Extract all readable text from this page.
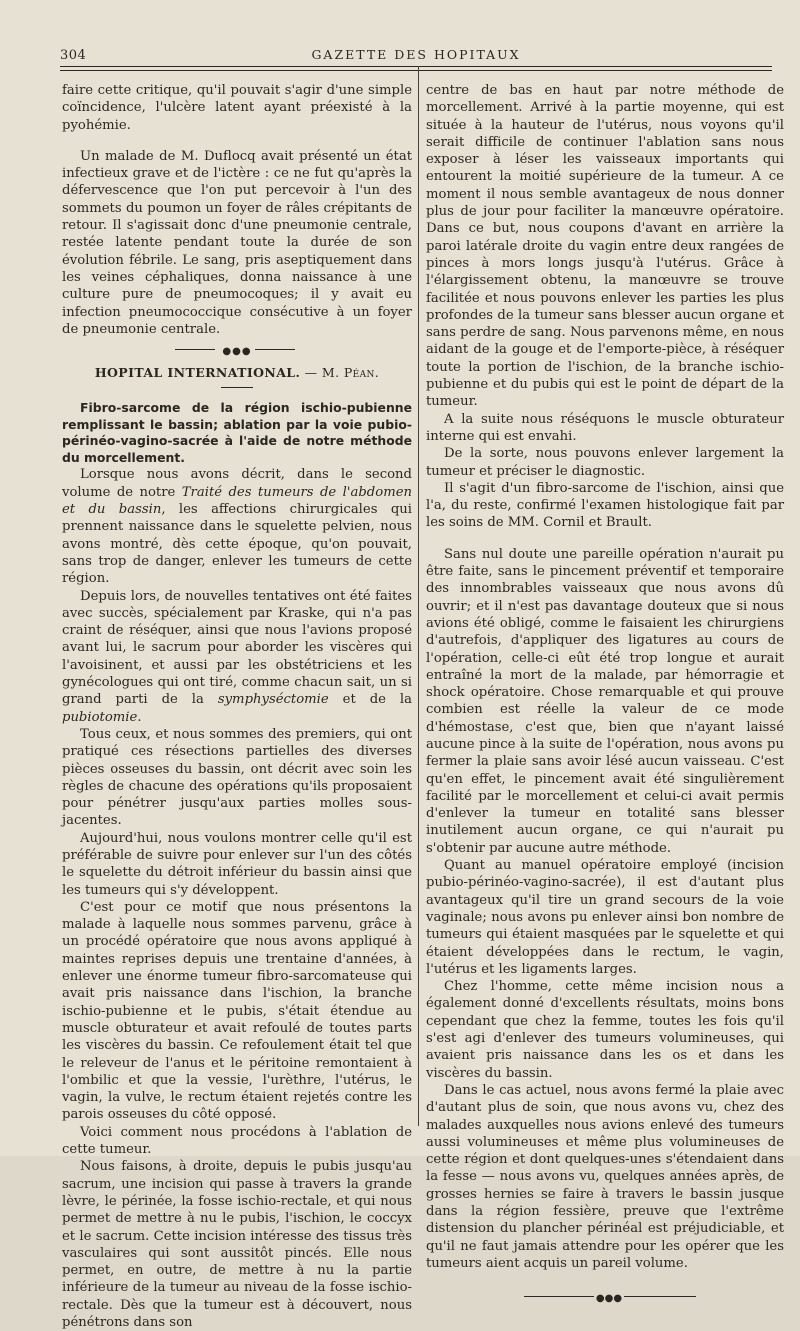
304	GAZETTE DES HOPITAUX

faire cette critique, qu'il pouvait s'agir d'une simple coïncidence, l'ulcère latent ayant préexisté à la pyohémie.

Un malade de M. Duflocq avait présenté un état infectieux grave et de l'ictère : ce ne fut qu'après la défervescence que l'on put percevoir à l'un des sommets du poumon un foyer de râles crépitants de retour. Il s'agissait donc d'une pneumonie centrale, restée latente pendant toute la durée de son évolution fébrile. Le sang, pris aseptiquement dans les veines céphaliques, donna naissance à une culture pure de pneumocoques; il y avait eu infection pneumococcique consécutive à un foyer de pneumonie centrale.

●●●
HOPITAL INTERNATIONAL. — M. Péan.

Fibro-sarcome de la région ischio-pubienne remplissant le bassin; ablation par la voie pubio-périnéo-vagino-sacrée à l'aide de notre méthode du morcellement.

Lorsque nous avons décrit, dans le second volume de notre Traité des tumeurs de l'abdomen et du bassin, les affections chirurgicales qui prennent naissance dans le squelette pelvien, nous avons montré, dès cette époque, qu'on pouvait, sans trop de danger, enlever les tumeurs de cette région.

Depuis lors, de nouvelles tentatives ont été faites avec succès, spécialement par Kraske, qui n'a pas craint de réséquer, ainsi que nous l'avions proposé avant lui, le sacrum pour aborder les viscères qui l'avoisinent, et aussi par les obstétriciens et les gynécologues qui ont tiré, comme chacun sait, un si grand parti de la symphyséctomie et de la pubiotomie.

Tous ceux, et nous sommes des premiers, qui ont pratiqué ces résections partielles des diverses pièces osseuses du bassin, ont décrit avec soin les règles de chacune des opérations qu'ils proposaient pour pénétrer jusqu'aux parties molles sous-jacentes.

Aujourd'hui, nous voulons montrer celle qu'il est préférable de suivre pour enlever sur l'un des côtés le squelette du détroit inférieur du bassin ainsi que les tumeurs qui s'y développent.

C'est pour ce motif que nous présentons la malade à laquelle nous sommes parvenu, grâce à un procédé opératoire que nous avons appliqué à maintes reprises depuis une trentaine d'années, à enlever une énorme tumeur fibro-sarcomateuse qui avait pris naissance dans l'ischion, la branche ischio-pubienne et le pubis, s'était étendue au muscle obturateur et avait refoulé de toutes parts les viscères du bassin. Ce refoulement était tel que le releveur de l'anus et le péritoine remontaient à l'ombilic et que la vessie, l'urèthre, l'utérus, le vagin, la vulve, le rectum étaient rejetés contre les parois osseuses du côté opposé.

Voici comment nous procédons à l'ablation de cette tumeur.

Nous faisons, à droite, depuis le pubis jusqu'au sacrum, une incision qui passe à travers la grande lèvre, le périnée, la fosse ischio-rectale, et qui nous permet de mettre à nu le pubis, l'ischion, le coccyx et le sacrum. Cette incision intéresse des tissus très vasculaires qui sont aussitôt pincés. Elle nous permet, en outre, de mettre à nu la partie inférieure de la tumeur au niveau de la fosse ischio-rectale. Dès que la tumeur est à découvert, nous pénétrons dans son

centre de bas en haut par notre méthode de morcellement. Arrivé à la partie moyenne, qui est située à la hauteur de l'utérus, nous voyons qu'il serait difficile de continuer l'ablation sans nous exposer à léser les vaisseaux importants qui entourent la moitié supérieure de la tumeur. A ce moment il nous semble avantageux de nous donner plus de jour pour faciliter la manœuvre opératoire. Dans ce but, nous coupons d'avant en arrière la paroi latérale droite du vagin entre deux rangées de pinces à mors longs jusqu'à l'utérus. Grâce à l'élargissement obtenu, la manœuvre se trouve facilitée et nous pouvons enlever les parties les plus profondes de la tumeur sans blesser aucun organe et sans perdre de sang. Nous parvenons même, en nous aidant de la gouge et de l'emporte-pièce, à réséquer toute la portion de l'ischion, de la branche ischio-pubienne et du pubis qui est le point de départ de la tumeur.

A la suite nous réséquons le muscle obturateur interne qui est envahi.

De la sorte, nous pouvons enlever largement la tumeur et préciser le diagnostic.

Il s'agit d'un fibro-sarcome de l'ischion, ainsi que l'a, du reste, confirmé l'examen histologique fait par les soins de MM. Cornil et Brault.

Sans nul doute une pareille opération n'aurait pu être faite, sans le pincement préventif et temporaire des innombrables vaisseaux que nous avons dû ouvrir; et il n'est pas davantage douteux que si nous avions été obligé, comme le faisaient les chirurgiens d'autrefois, d'appliquer des ligatures au cours de l'opération, celle-ci eût été trop longue et aurait entraîné la mort de la malade, par hémorragie et shock opératoire. Chose remarquable et qui prouve combien est réelle la valeur de ce mode d'hémostase, c'est que, bien que n'ayant laissé aucune pince à la suite de l'opération, nous avons pu fermer la plaie sans avoir lésé aucun vaisseau. C'est qu'en effet, le pincement avait été singulièrement facilité par le morcellement et celui-ci avait permis d'enlever la tumeur en totalité sans blesser inutilement aucun organe, ce qui n'aurait pu s'obtenir par aucune autre méthode.

Quant au manuel opératoire employé (incision pubio-périnéo-vagino-sacrée), il est d'autant plus avantageux qu'il tire un grand secours de la voie vaginale; nous avons pu enlever ainsi bon nombre de tumeurs qui étaient masquées par le squelette et qui étaient développées dans le rectum, le vagin, l'utérus et les ligaments larges.

Chez l'homme, cette même incision nous a également donné d'excellents résultats, moins bons cependant que chez la femme, toutes les fois qu'il s'est agi d'enlever des tumeurs volumineuses, qui avaient pris naissance dans les os et dans les viscères du bassin.

Dans le cas actuel, nous avons fermé la plaie avec d'autant plus de soin, que nous avons vu, chez des malades auxquelles nous avions enlevé des tumeurs aussi volumineuses et même plus volumineuses de cette région et dont quelques-unes s'étendaient dans la fesse — nous avons vu, quelques années après, de grosses hernies se faire à travers le bassin jusque dans la région fessière, preuve que l'extrême distension du plancher périnéal est préjudiciable, et qu'il ne faut jamais attendre pour les opérer que les tumeurs aient acquis un pareil volume.

●●●
